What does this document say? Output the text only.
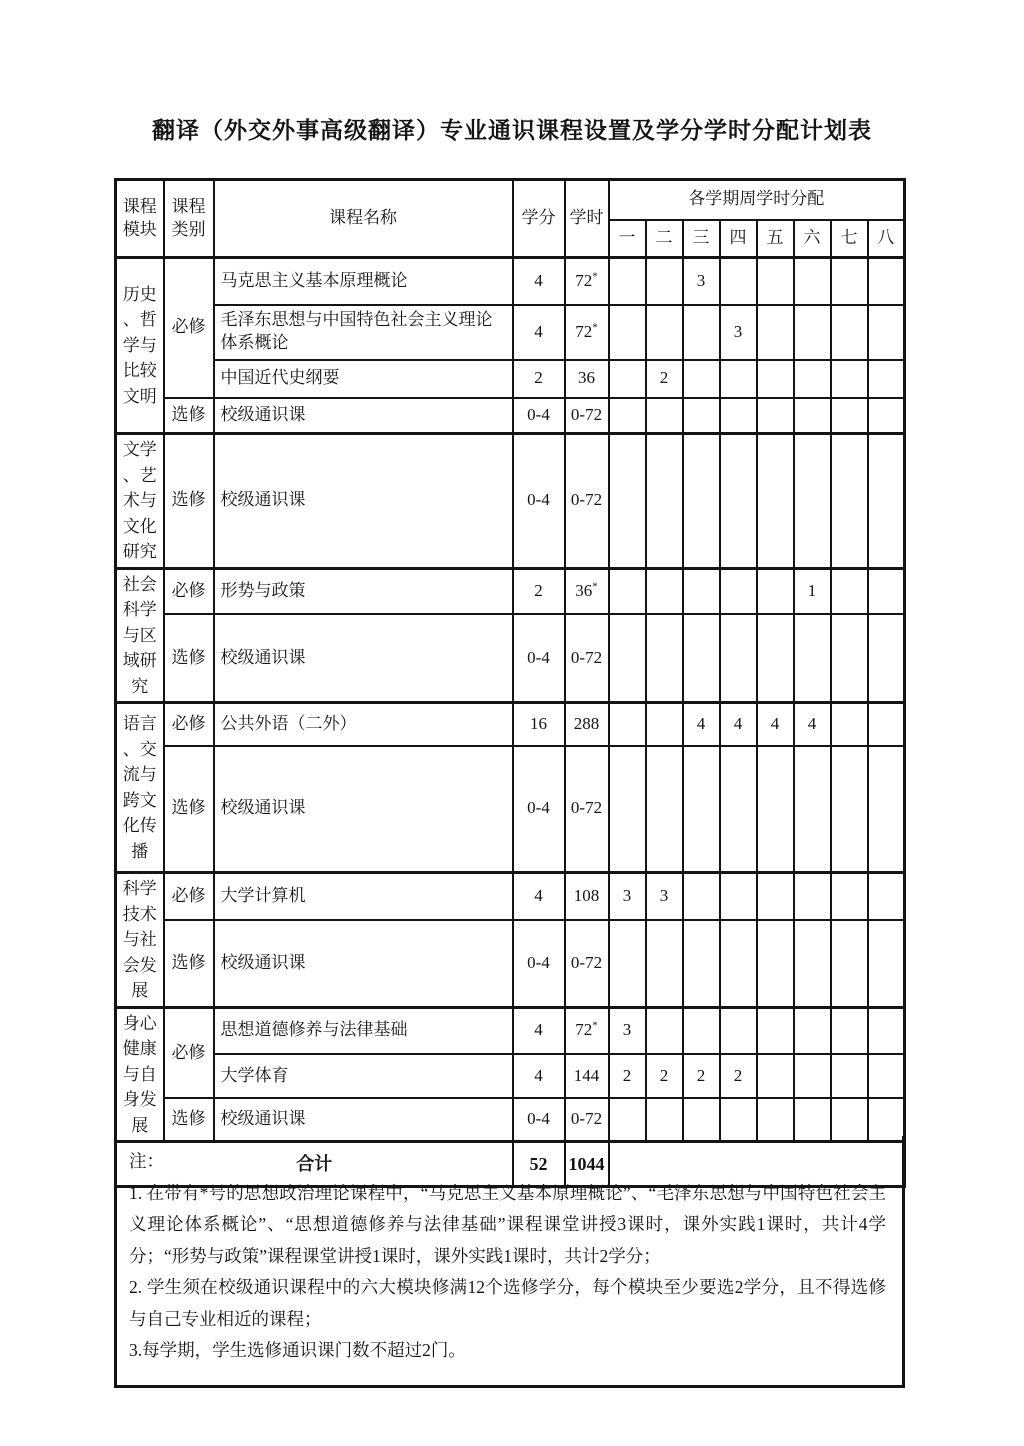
翻译（外交外事高级翻译）专业通识课程设置及学分学时分配计划表
课程模块	课程类别	课程名称	学分	学时	各学期周学时分配							
					一	二	三	四	五	六	七	八
历史、哲学与比较文明	必修	马克思主义基本原理概论	4	72*			3					
		毛泽东思想与中国特色社会主义理论体系概论	4	72*				3				
		中国近代史纲要	2	36		2						
	选修	校级通识课	0-4	0-72								
文学、艺术与文化研究	选修	校级通识课	0-4	0-72								
社会科学与区域研究	必修	形势与政策	2	36*						1		
	选修	校级通识课	0-4	0-72								
语言、交流与跨文化传播	必修	公共外语（二外）	16	288			4	4	4	4		
	选修	校级通识课	0-4	0-72								
科学技术与社会发展	必修	大学计算机	4	108	3	3						
	选修	校级通识课	0-4	0-72								
身心健康与自身发展	必修	思想道德修养与法律基础	4	72*	3							
		大学体育	4	144	2	2	2	2				
	选修	校级通识课	0-4	0-72								
合计			52	1044								

注：

1. 在带有*号的思想政治理论课程中，“马克思主义基本原理概论”、“毛泽东思想与中国特色社会主义理论体系概论”、“思想道德修养与法律基础”课程课堂讲授3课时，课外实践1课时，共计4学分；“形势与政策”课程课堂讲授1课时，课外实践1课时，共计2学分；

2. 学生须在校级通识课程中的六大模块修满12个选修学分，每个模块至少要选2学分，且不得选修与自己专业相近的课程；

3.每学期，学生选修通识课门数不超过2门。
